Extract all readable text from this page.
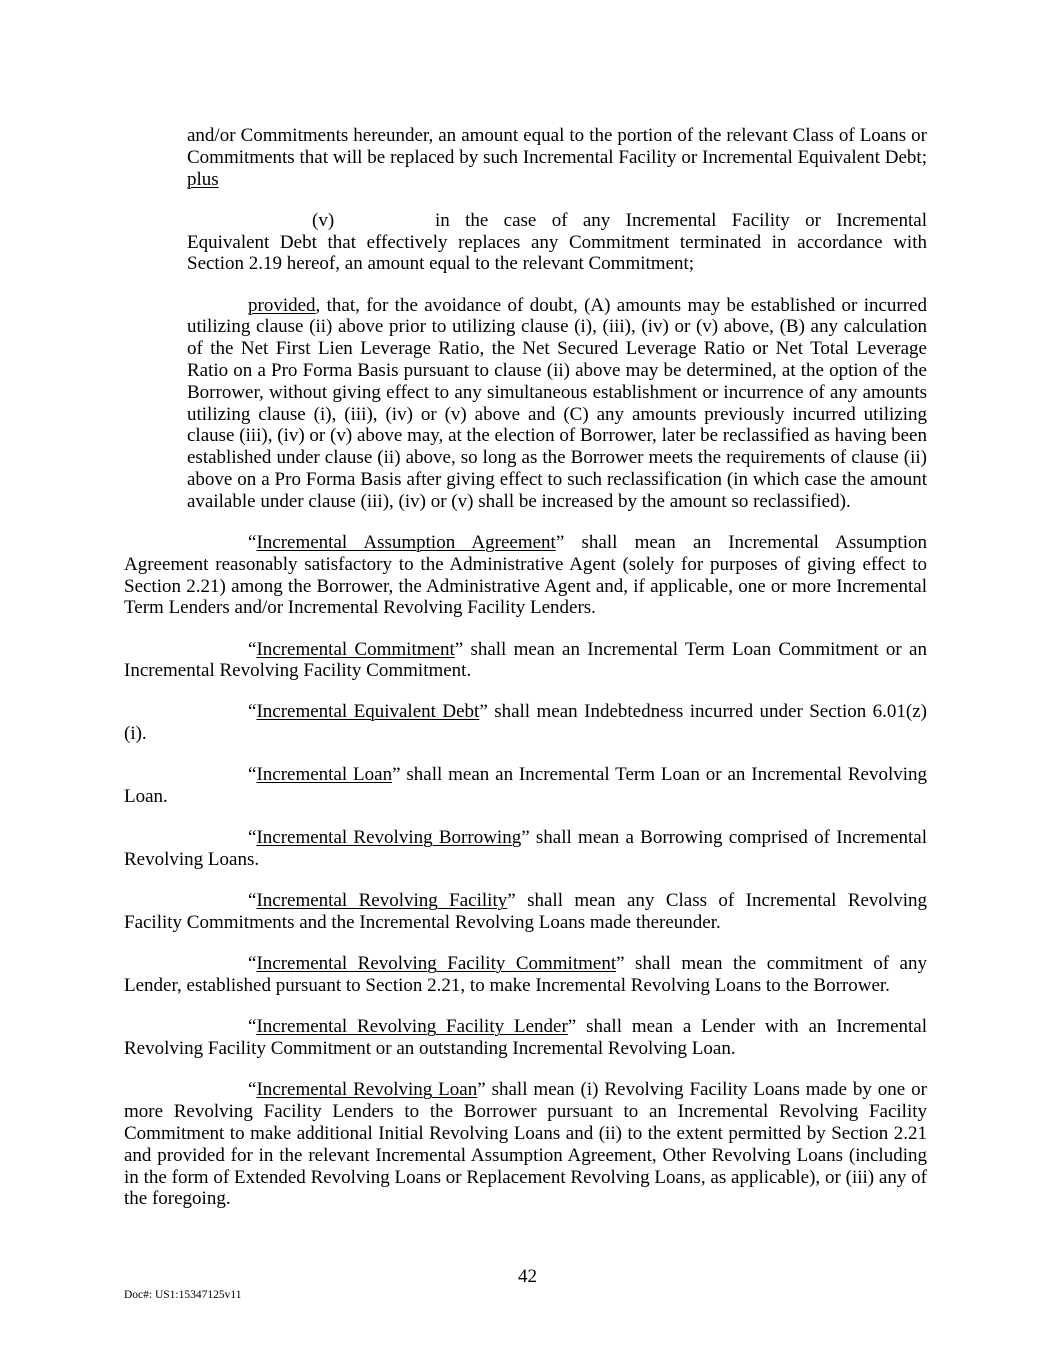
and/or Commitments hereunder, an amount equal to the portion of the relevant Class of Loans or Commitments that will be replaced by such Incremental Facility or Incremental Equivalent Debt; plus

(v)	in the case of any Incremental Facility or Incremental Equivalent Debt that effectively replaces any Commitment terminated in accordance with Section 2.19 hereof, an amount equal to the relevant Commitment;

provided, that, for the avoidance of doubt, (A) amounts may be established or incurred utilizing clause (ii) above prior to utilizing clause (i), (iii), (iv) or (v) above, (B) any calculation of the Net First Lien Leverage Ratio, the Net Secured Leverage Ratio or Net Total Leverage Ratio on a Pro Forma Basis pursuant to clause (ii) above may be determined, at the option of the Borrower, without giving effect to any simultaneous establishment or incurrence of any amounts utilizing clause (i), (iii), (iv) or (v) above and (C) any amounts previously incurred utilizing clause (iii), (iv) or (v) above may, at the election of Borrower, later be reclassified as having been established under clause (ii) above, so long as the Borrower meets the requirements of clause (ii) above on a Pro Forma Basis after giving effect to such reclassification (in which case the amount available under clause (iii), (iv) or (v) shall be increased by the amount so reclassified).

“Incremental Assumption Agreement” shall mean an Incremental Assumption Agreement reasonably satisfactory to the Administrative Agent (solely for purposes of giving effect to Section 2.21) among the Borrower, the Administrative Agent and, if applicable, one or more Incremental Term Lenders and/or Incremental Revolving Facility Lenders.

“Incremental Commitment” shall mean an Incremental Term Loan Commitment or an Incremental Revolving Facility Commitment.

“Incremental Equivalent Debt” shall mean Indebtedness incurred under Section 6.01(z)(i).

“Incremental Loan” shall mean an Incremental Term Loan or an Incremental Revolving Loan.

“Incremental Revolving Borrowing” shall mean a Borrowing comprised of Incremental Revolving Loans.

“Incremental Revolving Facility” shall mean any Class of Incremental Revolving Facility Commitments and the Incremental Revolving Loans made thereunder.

“Incremental Revolving Facility Commitment” shall mean the commitment of any Lender, established pursuant to Section 2.21, to make Incremental Revolving Loans to the Borrower.

“Incremental Revolving Facility Lender” shall mean a Lender with an Incremental Revolving Facility Commitment or an outstanding Incremental Revolving Loan.

“Incremental Revolving Loan” shall mean (i) Revolving Facility Loans made by one or more Revolving Facility Lenders to the Borrower pursuant to an Incremental Revolving Facility Commitment to make additional Initial Revolving Loans and (ii) to the extent permitted by Section 2.21 and provided for in the relevant Incremental Assumption Agreement, Other Revolving Loans (including in the form of Extended Revolving Loans or Replacement Revolving Loans, as applicable), or (iii) any of the foregoing.

42
Doc#: US1:15347125v11
